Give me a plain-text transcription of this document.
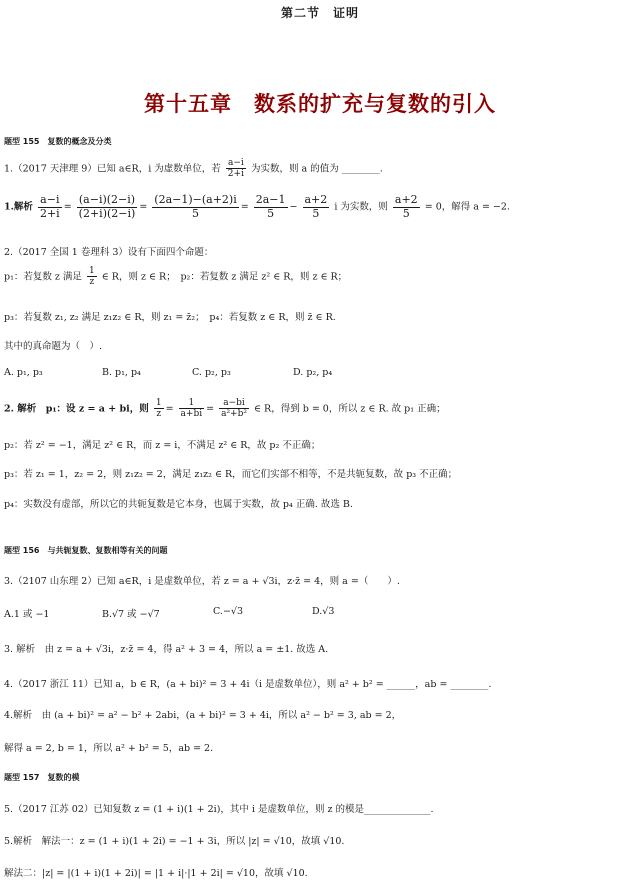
第二节　证明
第十五章　数系的扩充与复数的引入
题型 155　复数的概念及分类
1.（2017 天津理 9）已知 a∈R，i 为虚数单位，若 $\frac{a-i}{2+i}$ 为实数，则 a 的值为 ________.
1.解析 $\frac{a-i}{2+i} = \frac{(a-i)(2-i)}{(2+i)(2-i)} = \frac{(2a-1)-(a+2)i}{5} = \frac{2a-1}{5} - \frac{a+2}{5}$ i 为实数，则 $\frac{a+2}{5} = 0$，解得 a = −2.
2.（2017 全国 1 卷理科 3）设有下面四个命题：
p₁：若复数 z 满足 $\frac{1}{z}$ ∈ R，则 z ∈ R；　p₂：若复数 z 满足 z² ∈ R，则 z ∈ R；
p₃：若复数 z₁, z₂ 满足 z₁z₂ ∈ R，则 z₁ = z̄₂；　p₄：若复数 z ∈ R，则 z̄ ∈ R.
其中的真命题为（　）.
A. p₁, p₃	B. p₁, p₄	C. p₂, p₃	D. p₂, p₄
2. 解析　p₁：设 z = a + bi，则 $\frac{1}{z} = \frac{1}{a+bi} = \frac{a-bi}{\text{a²+b²}}$ ∈ R，得到 b = 0，所以 z ∈ R. 故 p₁ 正确；
p₂：若 z² = −1，满足 z² ∈ R，而 z = i，不满足 z² ∈ R，故 p₂ 不正确；
p₃：若 z₁ = 1，z₂ = 2，则 z₁z₂ = 2，满足 z₁z₂ ∈ R，而它们实部不相等，不是共轭复数，故 p₃ 不正确；
p₄：实数没有虚部，所以它的共轭复数是它本身，也属于实数，故 p₄ 正确. 故选 B.
题型 156　与共轭复数、复数相等有关的问题
3.（2107 山东理 2）已知 a∈R，i 是虚数单位，若 z = a + √3i，z·z̄ = 4，则 a =（　　）.
A.1 或 −1	B.√7 或 −√7	C.−√3	D.√3
3. 解析　由 z = a + √3i，z·z̄ = 4，得 a² + 3 = 4，所以 a = ±1. 故选 A.
4.（2017 浙江 11）已知 a，b ∈ R，(a + bi)² = 3 + 4i（i 是虚数单位），则 a² + b² = ______，ab = ________.
4.解析　由 (a + bi)² = a² − b² + 2abi，(a + bi)² = 3 + 4i，所以 a² − b² = 3, ab = 2，
解得 a = 2, b = 1，所以 a² + b² = 5，ab = 2.
题型 157　复数的模
5.（2017 江苏 02）已知复数 z = (1 + i)(1 + 2i)，其中 i 是虚数单位，则 z 的模是______________.
5.解析　解法一：z = (1 + i)(1 + 2i) = −1 + 3i，所以 |z| = √10，故填 √10.
解法二：|z| = |(1 + i)(1 + 2i)| = |1 + i|·|1 + 2i| = √10，故填 √10.
